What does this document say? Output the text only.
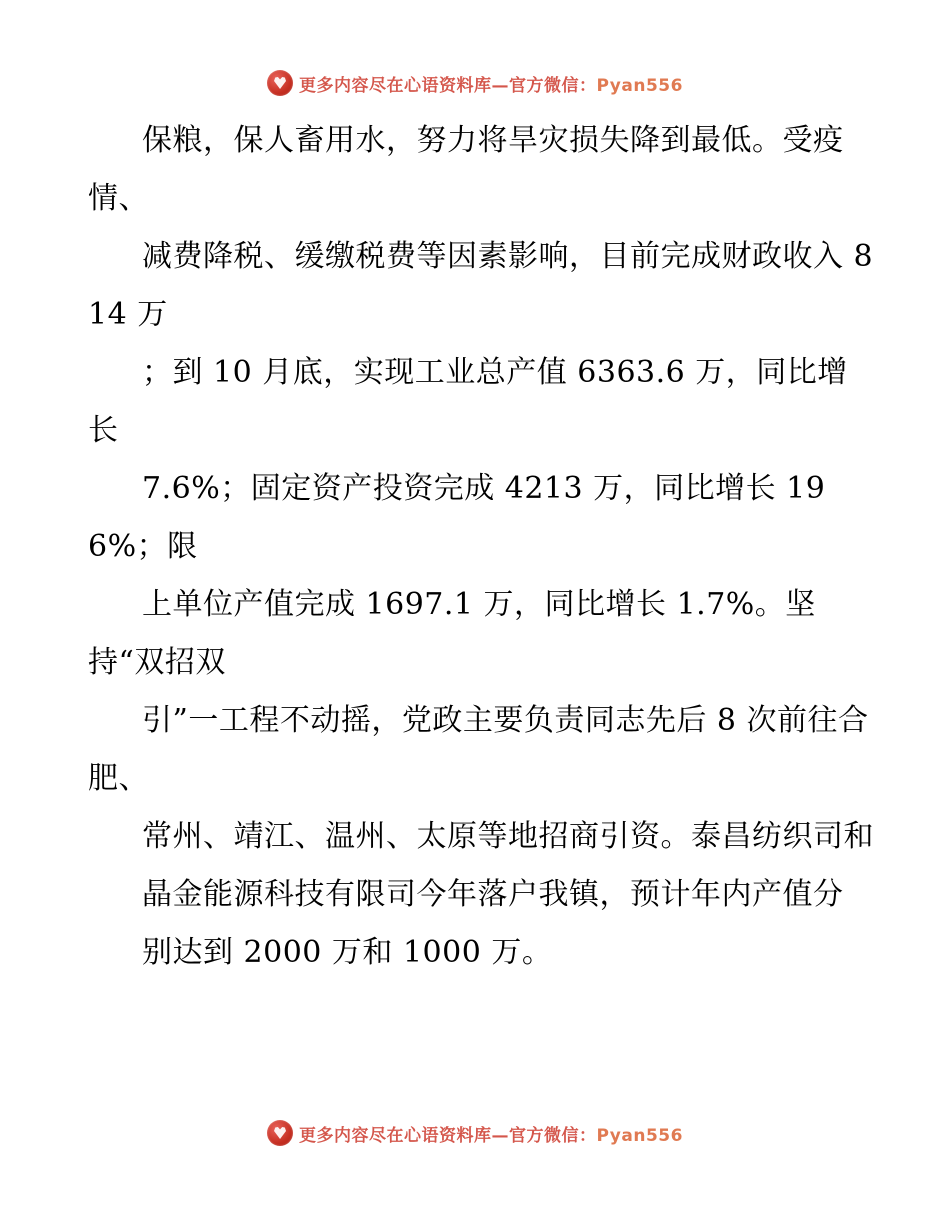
更多内容尽在心语资料库—官方微信：Pyan556

保粮，保人畜用水，努力将旱灾损失降到最低。受疫情、

减费降税、缓缴税费等因素影响，目前完成财政收入 814 万

；到 10 月底，实现工业总产值 6363.6 万，同比增长

7.6%；固定资产投资完成 4213 万，同比增长 196%；限

上单位产值完成 1697.1 万，同比增长 1.7%。坚持“双招双

引”一工程不动摇，党政主要负责同志先后 8 次前往合肥、

常州、靖江、温州、太原等地招商引资。泰昌纺织司和

晶金能源科技有限司今年落户我镇，预计年内产值分

别达到 2000 万和 1000 万。

更多内容尽在心语资料库—官方微信：Pyan556
